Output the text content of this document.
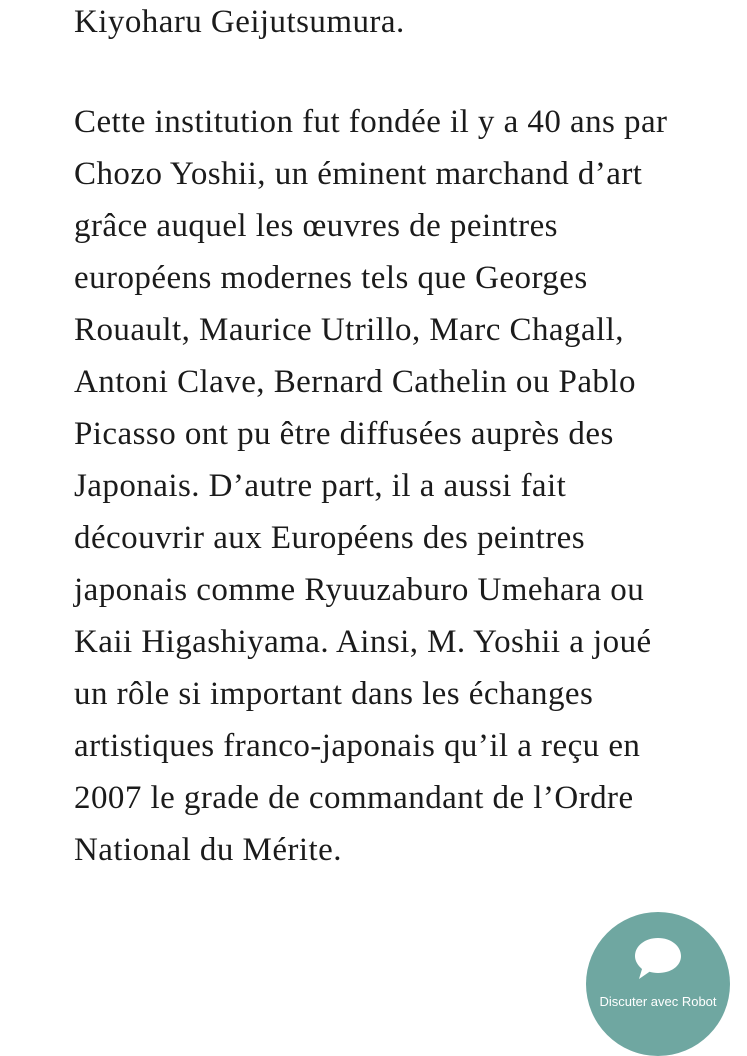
Kiyoharu Geijutsumura.

Cette institution fut fondée il y a 40 ans par Chozo Yoshii, un éminent marchand d’art grâce auquel les œuvres de peintres européens modernes tels que Georges Rouault, Maurice Utrillo, Marc Chagall, Antoni Clave, Bernard Cathelin ou Pablo Picasso ont pu être diffusées auprès des Japonais. D’autre part, il a aussi fait découvrir aux Européens des peintres japonais comme Ryuuzaburo Umehara ou Kaii Higashiyama. Ainsi, M. Yoshii a joué un rôle si important dans les échanges artistiques franco-japonais qu’il a reçu en 2007 le grade de commandant de l’Ordre National du Mérite.

Discuter avec Robot
